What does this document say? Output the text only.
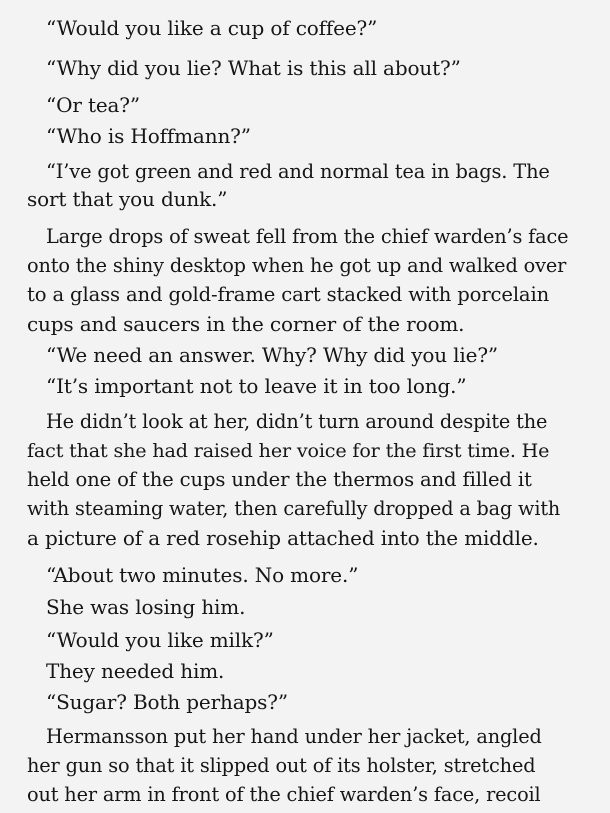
“Would you like a cup of coffee?”
“Why did you lie? What is this all about?”
“Or tea?”
“Who is Hoffmann?”
“I’ve got green and red and normal tea in bags. The
sort that you dunk.”
Large drops of sweat fell from the chief warden’s face
onto the shiny desktop when he got up and walked over
to a glass and gold-frame cart stacked with porcelain
cups and saucers in the corner of the room.
“We need an answer. Why? Why did you lie?”
“It’s important not to leave it in too long.”
He didn’t look at her, didn’t turn around despite the
fact that she had raised her voice for the first time. He
held one of the cups under the thermos and filled it
with steaming water, then carefully dropped a bag with
a picture of a red rosehip attached into the middle.
“About two minutes. No more.”
She was losing him.
“Would you like milk?”
They needed him.
“Sugar? Both perhaps?”
Hermansson put her hand under her jacket, angled
her gun so that it slipped out of its holster, stretched
out her arm in front of the chief warden’s face, recoil
